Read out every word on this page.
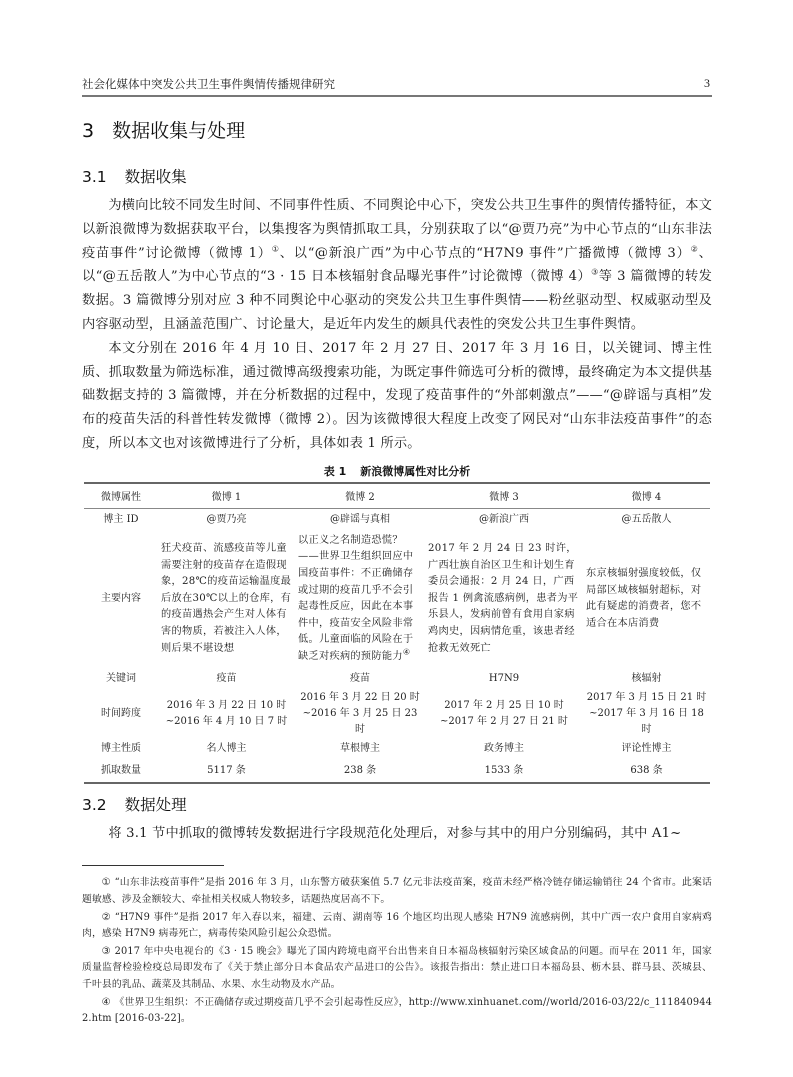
社会化媒体中突发公共卫生事件舆情传播规律研究	3
3 数据收集与处理
3.1 数据收集
为横向比较不同发生时间、不同事件性质、不同舆论中心下，突发公共卫生事件的舆情传播特征，本文以新浪微博为数据获取平台，以集搜客为舆情抓取工具，分别获取了以“@贾乃亮”为中心节点的“山东非法疫苗事件”讨论微博（微博 1）①、以“@新浪广西”为中心节点的“H7N9 事件”广播微博（微博 3）②、以“@五岳散人”为中心节点的“3 · 15 日本核辐射食品曝光事件”讨论微博（微博 4）③等 3 篇微博的转发数据。3 篇微博分别对应 3 种不同舆论中心驱动的突发公共卫生事件舆情——粉丝驱动型、权威驱动型及内容驱动型，且涵盖范围广、讨论量大，是近年内发生的颇具代表性的突发公共卫生事件舆情。
本文分别在 2016 年 4 月 10 日、2017 年 2 月 27 日、2017 年 3 月 16 日，以关键词、博主性质、抓取数量为筛选标准，通过微博高级搜索功能，为既定事件筛选可分析的微博，最终确定为本文提供基础数据支持的 3 篇微博，并在分析数据的过程中，发现了疫苗事件的“外部刺激点”——“@辟谣与真相”发布的疫苗失活的科普性转发微博（微博 2）。因为该微博很大程度上改变了网民对“山东非法疫苗事件”的态度，所以本文也对该微博进行了分析，具体如表 1 所示。
表 1 新浪微博属性对比分析
微博属性	微博 1	微博 2	微博 3	微博 4
博主 ID	@贾乃亮	@辟谣与真相	@新浪广西	@五岳散人
主要内容	狂犬疫苗、流感疫苗等儿童需要注射的疫苗存在造假现象，28℃的疫苗运输温度最后放在30℃以上的仓库，有的疫苗遇热会产生对人体有害的物质，若被注入人体，则后果不堪设想	以正义之名制造恐慌？——世界卫生组织回应中国疫苗事件：不正确储存或过期的疫苗几乎不会引起毒性反应，因此在本事件中，疫苗安全风险非常低。儿童面临的风险在于缺乏对疾病的预防能力④	2017 年 2 月 24 日 23 时许，广西壮族自治区卫生和计划生育委员会通报：2 月 24 日，广西报告 1 例禽流感病例，患者为平乐县人，发病前曾有食用自家病鸡肉史，因病情危重，该患者经抢救无效死亡	东京核辐射强度较低，仅局部区域核辐射超标，对此有疑虑的消费者，您不适合在本店消费
关键词	疫苗	疫苗	H7N9	核辐射
时间跨度	2016 年 3 月 22 日 10 时~2016 年 4 月 10 日 7 时	2016 年 3 月 22 日 20 时~2016 年 3 月 25 日 23 时	2017 年 2 月 25 日 10 时~2017 年 2 月 27 日 21 时	2017 年 3 月 15 日 21 时~2017 年 3 月 16 日 18 时
博主性质	名人博主	草根博主	政务博主	评论性博主
抓取数量	5117 条	238 条	1533 条	638 条
3.2 数据处理
将 3.1 节中抓取的微博转发数据进行字段规范化处理后，对参与其中的用户分别编码，其中 A1~

① “山东非法疫苗事件”是指 2016 年 3 月，山东警方破获案值 5.7 亿元非法疫苗案，疫苗未经严格冷链存储运输销往 24 个省市。此案话题敏感、涉及金额较大、牵扯相关权威人物较多，话题热度居高不下。

② “H7N9 事件”是指 2017 年入春以来，福建、云南、湖南等 16 个地区均出现人感染 H7N9 流感病例，其中广西一农户食用自家病鸡肉，感染 H7N9 病毒死亡，病毒传染风险引起公众恐慌。

③ 2017 年中央电视台的《3 · 15 晚会》曝光了国内跨境电商平台出售来自日本福岛核辐射污染区域食品的问题。而早在 2011 年，国家质量监督检验检疫总局即发布了《关于禁止部分日本食品农产品进口的公告》。该报告指出：禁止进口日本福岛县、枥木县、群马县、茨城县、千叶县的乳品、蔬菜及其制品、水果、水生动物及水产品。

④ 《世界卫生组织：不正确储存或过期疫苗几乎不会引起毒性反应》，http://www.xinhuanet.com//world/2016-03/22/c_1118409442.htm [2016-03-22]。
